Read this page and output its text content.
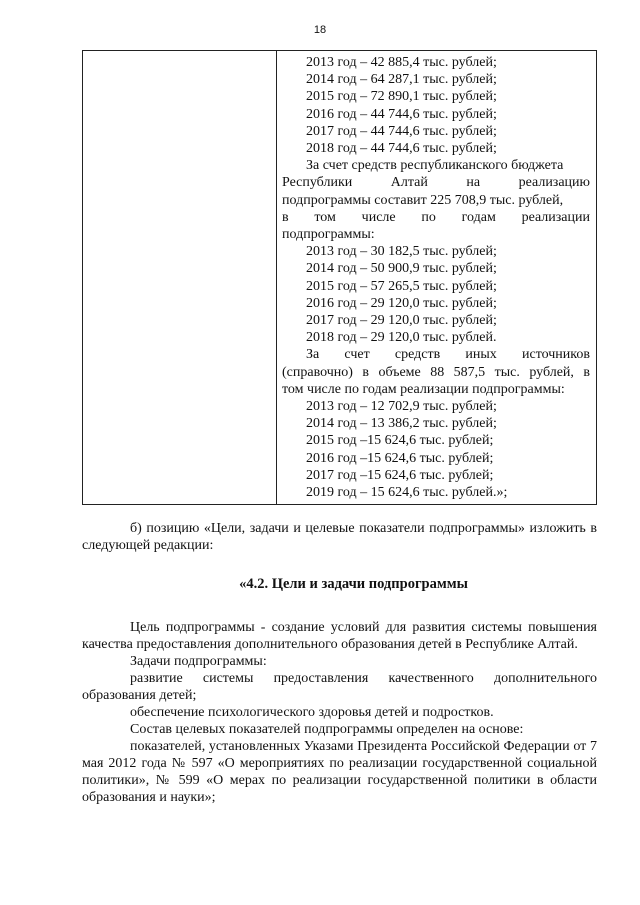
18
2013 год – 42 885,4 тыс. рублей;
2014 год – 64 287,1 тыс. рублей;
2015 год – 72 890,1 тыс. рублей;
2016 год – 44 744,6 тыс. рублей;
2017 год – 44 744,6 тыс. рублей;
2018 год – 44 744,6 тыс. рублей;
За счет средств республиканского бюджета
Республики Алтай на реализацию
подпрограммы составит 225 708,9 тыс. рублей,
в том числе по годам реализации
подпрограммы:
2013 год – 30 182,5 тыс. рублей;
2014 год – 50 900,9 тыс. рублей;
2015 год – 57 265,5 тыс. рублей;
2016 год – 29 120,0 тыс. рублей;
2017 год – 29 120,0 тыс. рублей;
2018 год – 29 120,0 тыс. рублей.
За счет средств иных источников
(справочно) в объеме 88 587,5 тыс. рублей, в
том числе по годам реализации подпрограммы:
2013 год – 12 702,9 тыс. рублей;
2014 год – 13 386,2 тыс. рублей;
2015 год –15 624,6 тыс. рублей;
2016 год –15 624,6 тыс. рублей;
2017 год –15 624,6 тыс. рублей;
2019 год – 15 624,6 тыс. рублей.»;

б) позицию «Цели, задачи и целевые показатели подпрограммы» изложить в следующей редакции:

«4.2. Цели и задачи подпрограммы

Цель подпрограммы - создание условий для развития системы повышения качества предоставления дополнительного образования детей в Республике Алтай.

Задачи подпрограммы:

развитие системы предоставления качественного дополнительного образования детей;

обеспечение психологического здоровья детей и подростков.

Состав целевых показателей подпрограммы определен на основе:

показателей, установленных Указами Президента Российской Федерации от 7 мая 2012 года № 597 «О мероприятиях по реализации государственной социальной политики», № 599 «О мерах по реализации государственной политики в области образования и науки»;
